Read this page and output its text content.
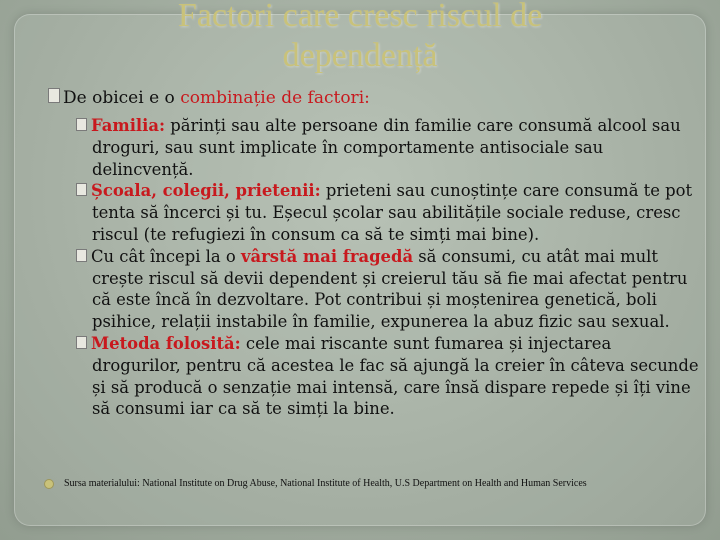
Factori care cresc riscul de
dependență
De obicei e o combinație de factori:
Familia: părinți sau alte persoane din familie care consumă alcool sau droguri, sau sunt implicate în comportamente antisociale sau delincvență.
Școala, colegii, prietenii: prieteni sau cunoștințe care consumă te pot tenta să încerci și tu. Eșecul școlar sau abilitățile sociale reduse, cresc riscul (te refugiezi în consum ca să te simți mai bine).
Cu cât începi la o vârstă mai fragedă să consumi, cu atât mai mult crește riscul să devii dependent și creierul tău să fie mai afectat pentru că este încă în dezvoltare. Pot contribui și moștenirea genetică, boli psihice, relații instabile în familie, expunerea la abuz fizic sau sexual.
Metoda folosită: cele mai riscante sunt fumarea și injectarea drogurilor, pentru că acestea le fac să ajungă la creier în câteva secunde și să producă o senzație mai intensă, care însă dispare repede și îți vine să consumi iar ca să te simți la bine.
Sursa materialului: National Institute on Drug Abuse, National Institute of Health, U.S Department on Health and Human Services
